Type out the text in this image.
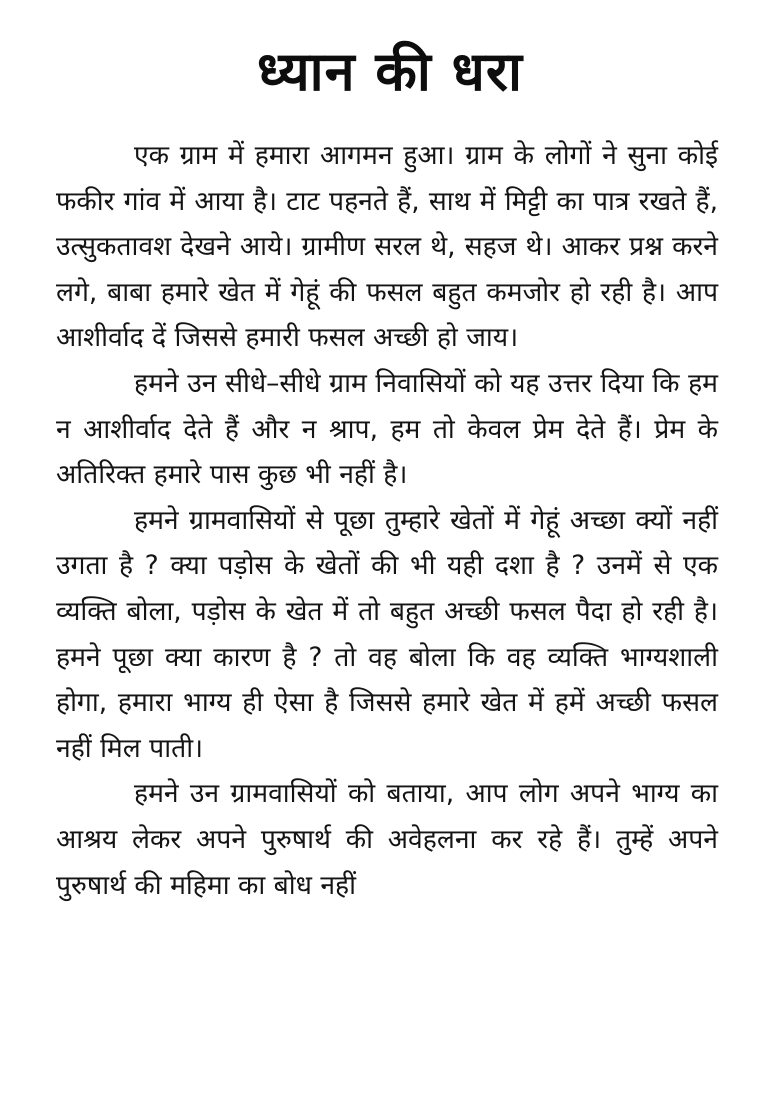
ध्यान की धरा

एक ग्राम में हमारा आगमन हुआ। ग्राम के लोगों ने सुना कोई फकीर गांव में आया है। टाट पहनते हैं, साथ में मिट्टी का पात्र रखते हैं, उत्सुकतावश देखने आये। ग्रामीण सरल थे, सहज थे। आकर प्रश्न करने लगे, बाबा हमारे खेत में गेहूं की फसल बहुत कमजोर हो रही है। आप आशीर्वाद दें जिससे हमारी फसल अच्छी हो जाय।

हमने उन सीधे–सीधे ग्राम निवासियों को यह उत्तर दिया कि हम न आशीर्वाद देते हैं और न श्राप, हम तो केवल प्रेम देते हैं। प्रेम के अतिरिक्त हमारे पास कुछ भी नहीं है।

हमने ग्रामवासियों से पूछा तुम्हारे खेतों में गेहूं अच्छा क्यों नहीं उगता है ? क्या पड़ोस के खेतों की भी यही दशा है ? उनमें से एक व्यक्ति बोला, पड़ोस के खेत में तो बहुत अच्छी फसल पैदा हो रही है। हमने पूछा क्या कारण है ? तो वह बोला कि वह व्यक्ति भाग्यशाली होगा, हमारा भाग्य ही ऐसा है जिससे हमारे खेत में हमें अच्छी फसल नहीं मिल पाती।

हमने उन ग्रामवासियों को बताया, आप लोग अपने भाग्य का आश्रय लेकर अपने पुरुषार्थ की अवेहलना कर रहे हैं। तुम्हें अपने पुरुषार्थ की महिमा का बोध नहीं
